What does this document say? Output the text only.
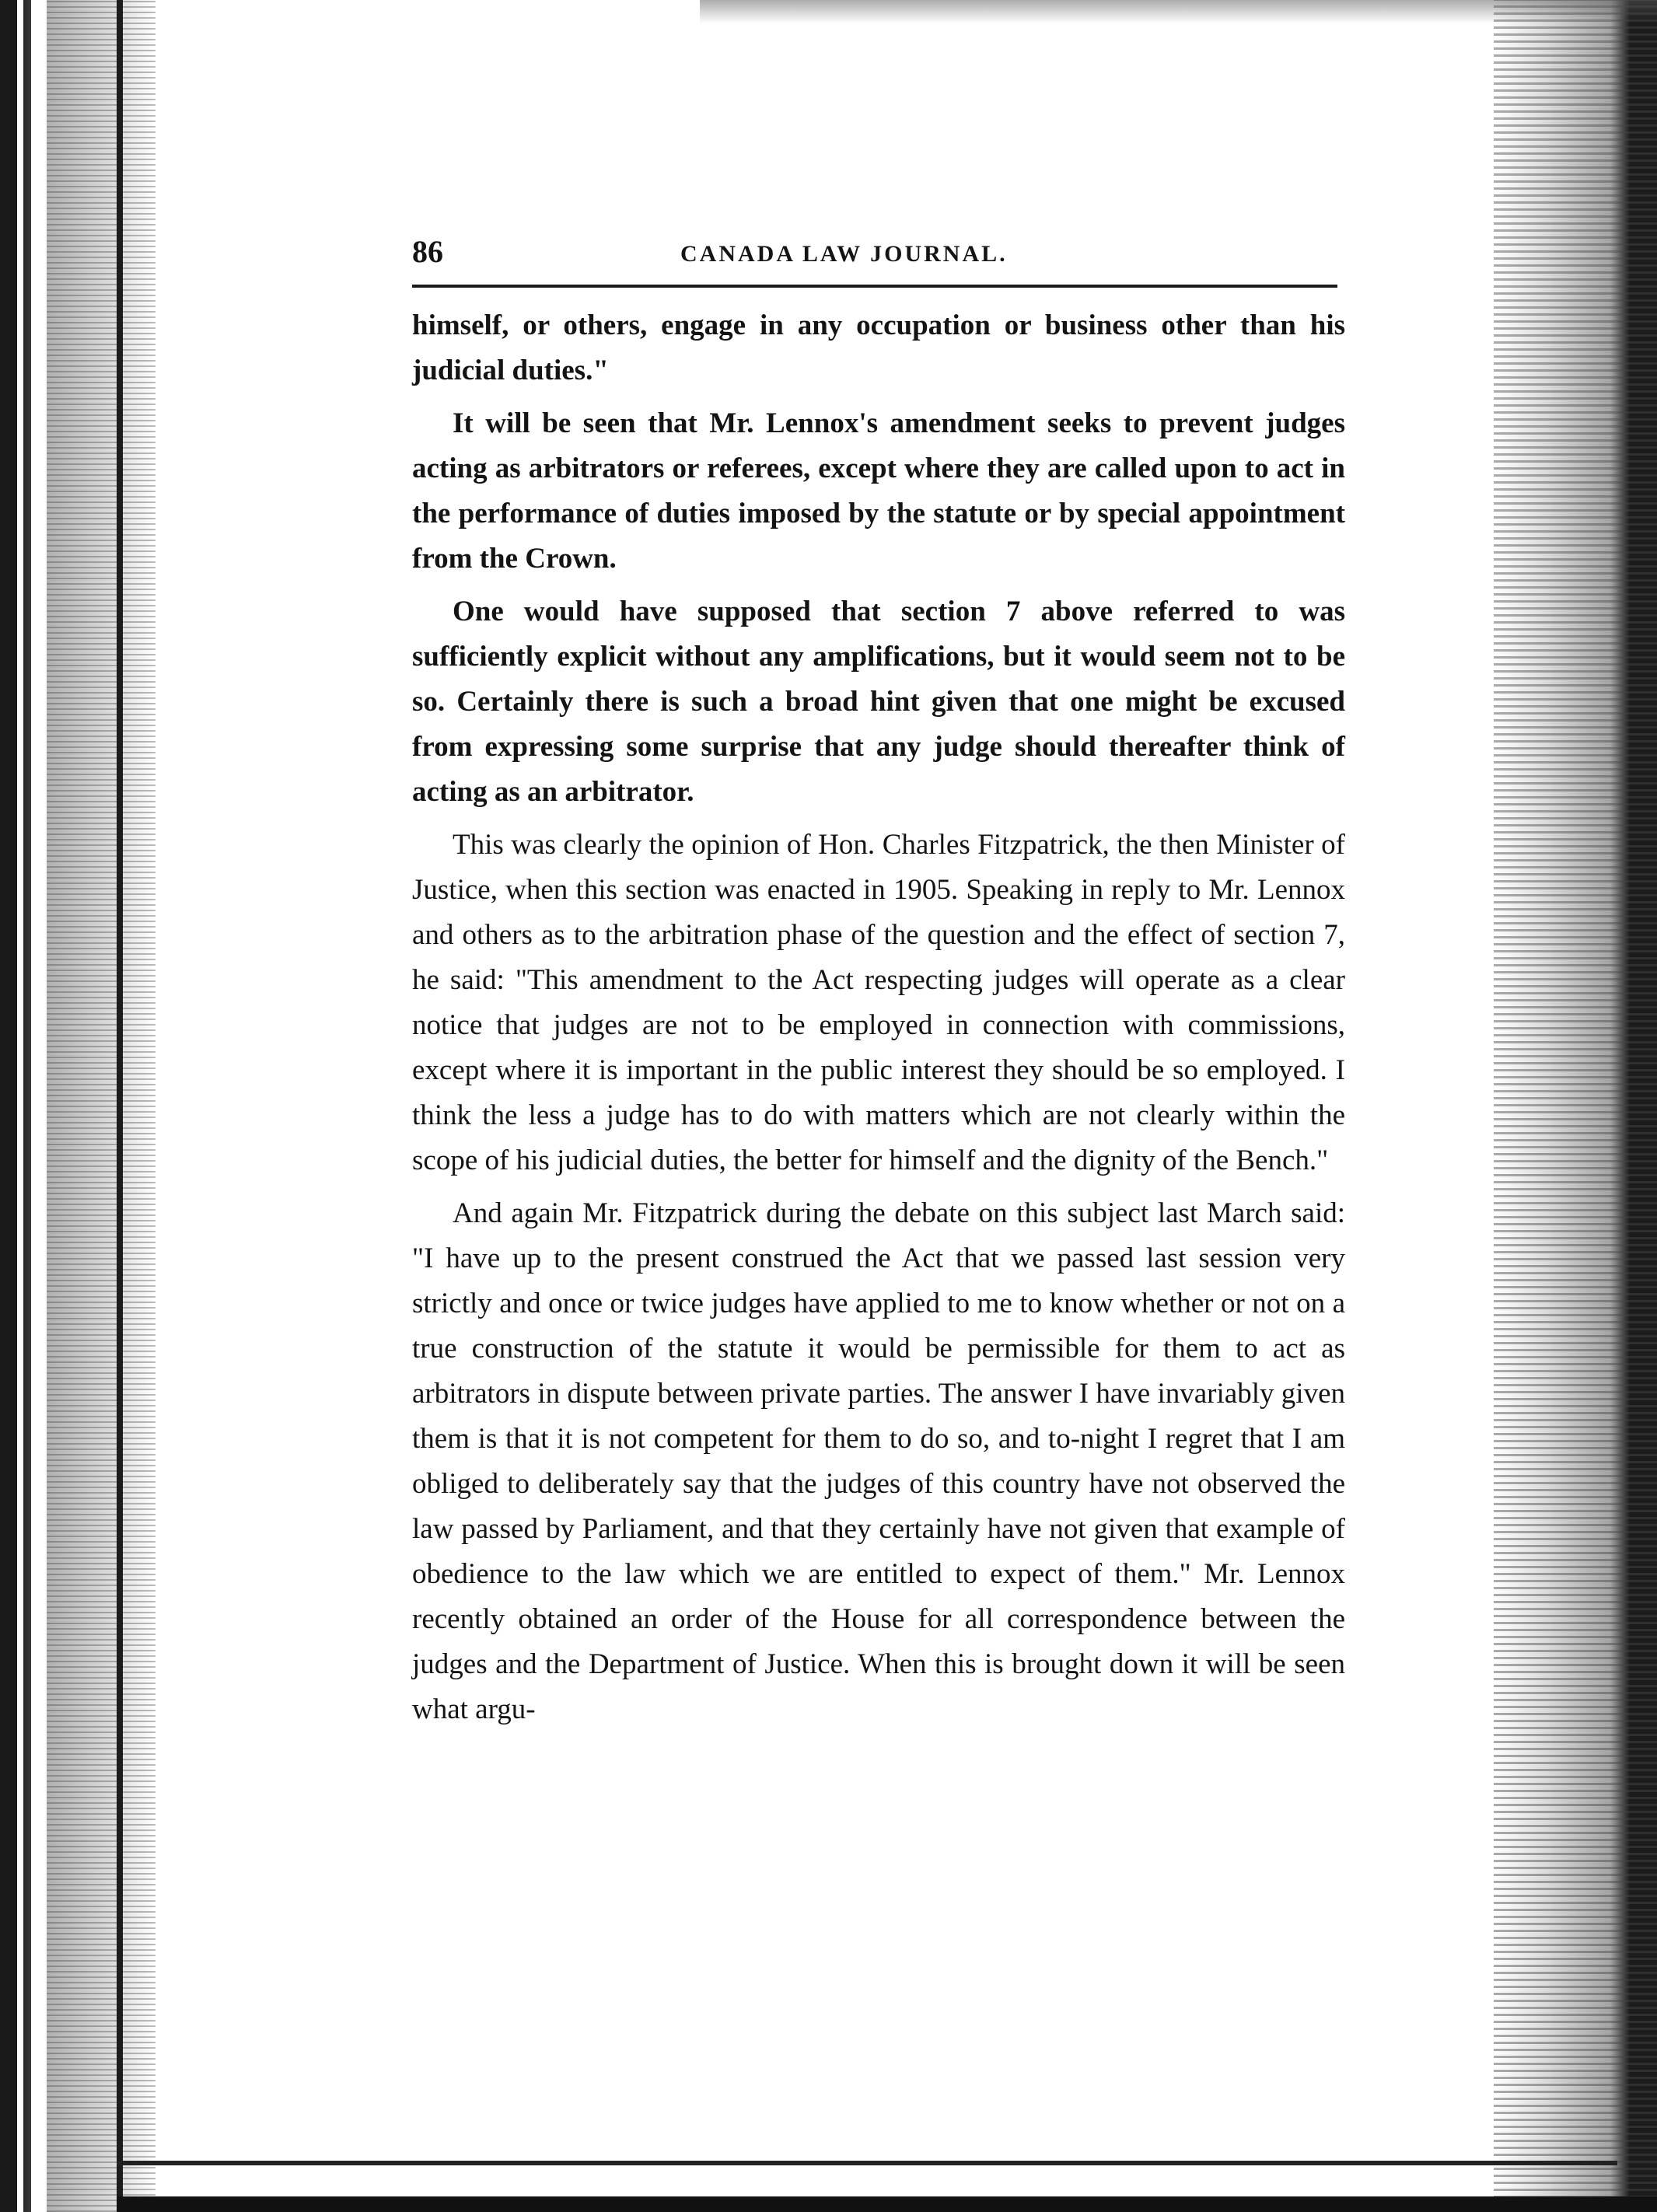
86	CANADA LAW JOURNAL.

himself, or others, engage in any occupation or business other than his judicial duties."

It will be seen that Mr. Lennox's amendment seeks to prevent judges acting as arbitrators or referees, except where they are called upon to act in the performance of duties imposed by the statute or by special appointment from the Crown.

One would have supposed that section 7 above referred to was sufficiently explicit without any amplifications, but it would seem not to be so. Certainly there is such a broad hint given that one might be excused from expressing some surprise that any judge should thereafter think of acting as an arbitrator.

This was clearly the opinion of Hon. Charles Fitzpatrick, the then Minister of Justice, when this section was enacted in 1905. Speaking in reply to Mr. Lennox and others as to the arbitration phase of the question and the effect of section 7, he said: "This amendment to the Act respecting judges will operate as a clear notice that judges are not to be employed in connection with commissions, except where it is important in the public interest they should be so employed. I think the less a judge has to do with matters which are not clearly within the scope of his judicial duties, the better for himself and the dignity of the Bench."

And again Mr. Fitzpatrick during the debate on this subject last March said: "I have up to the present construed the Act that we passed last session very strictly and once or twice judges have applied to me to know whether or not on a true construction of the statute it would be permissible for them to act as arbitrators in dispute between private parties. The answer I have invariably given them is that it is not competent for them to do so, and to-night I regret that I am obliged to deliberately say that the judges of this country have not observed the law passed by Parliament, and that they certainly have not given that example of obedience to the law which we are entitled to expect of them." Mr. Lennox recently obtained an order of the House for all correspondence between the judges and the Department of Justice. When this is brought down it will be seen what argu-
